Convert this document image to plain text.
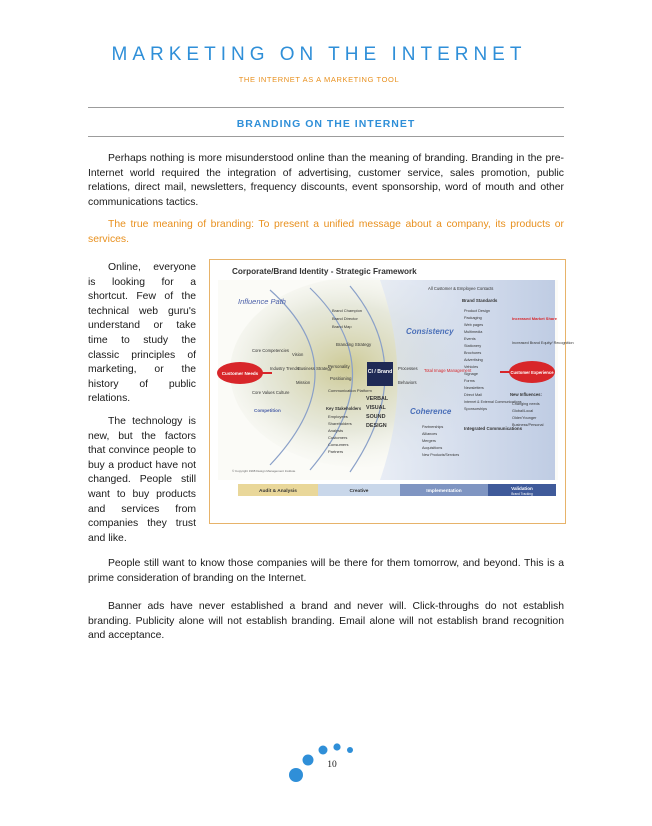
MARKETING ON THE INTERNET
THE INTERNET AS A MARKETING TOOL
BRANDING ON THE INTERNET

Perhaps nothing is more misunderstood online than the meaning of branding. Branding in the pre-Internet world required the integration of advertising, customer service, sales promotion, public relations, direct mail, newsletters, frequency discounts, event sponsorship, word of mouth and other communications tactics.

The true meaning of branding: To present a unified message about a company, its products or services.

Online, everyone is looking for a shortcut. Few of the technical web guru's understand or take time to study the classic principles of marketing, or the history of public relations.

The technology is new, but the factors that convince people to buy a product have not changed. People still want to buy products and services from companies they trust and like.

People still want to know those companies will be there for them tomorrow, and beyond. This is a prime consideration of branding on the Internet.

Banner ads have never established a brand and never will. Click-throughs do not establish branding. Publicity alone will not establish branding. Email alone will not establish brand recognition and acceptance.

Corporate/Brand Identity - Strategic Framework
Influence Path
All Customer & Employee Contacts
Customer Needs
Core Competencies
Vision
Industry Trends Business Strategy
Mission
Core Values Culture
Competition
Brand Champion
Brand Director
Brand Map
Branding Strategy
Personality
Positioning
Communication Platform
Key Stakeholders
Employees
Shareholders
Analysts
Customers
Consumers
Partners
CI / Brand
VERBAL
VISUAL
SOUND
DESIGN
Processes
Behaviors
Total Image Management
Consistency
Coherence
Brand Standards
Product Design
Packaging
Web pages
Multimedia
Events
Stationery
Brochures
Advertising
Vehicles
Signage
Forms
Newsletters
Direct Mail
Internet & External Communications
Sponsorships
Partnerships
Alliances
Mergers
Acquisitions
New Products/Services
Integrated Communications
Increased Market Share
Increased Brand Equity/ Recognition
Customer Experience
New Influences:
Changing needs
Global/Local
Older/Younger
Business/Personal
© Copyright 1998 Design Management Institute
Audit & Analysis	Creative	Implementation
Validation
Brand Tracking
10
